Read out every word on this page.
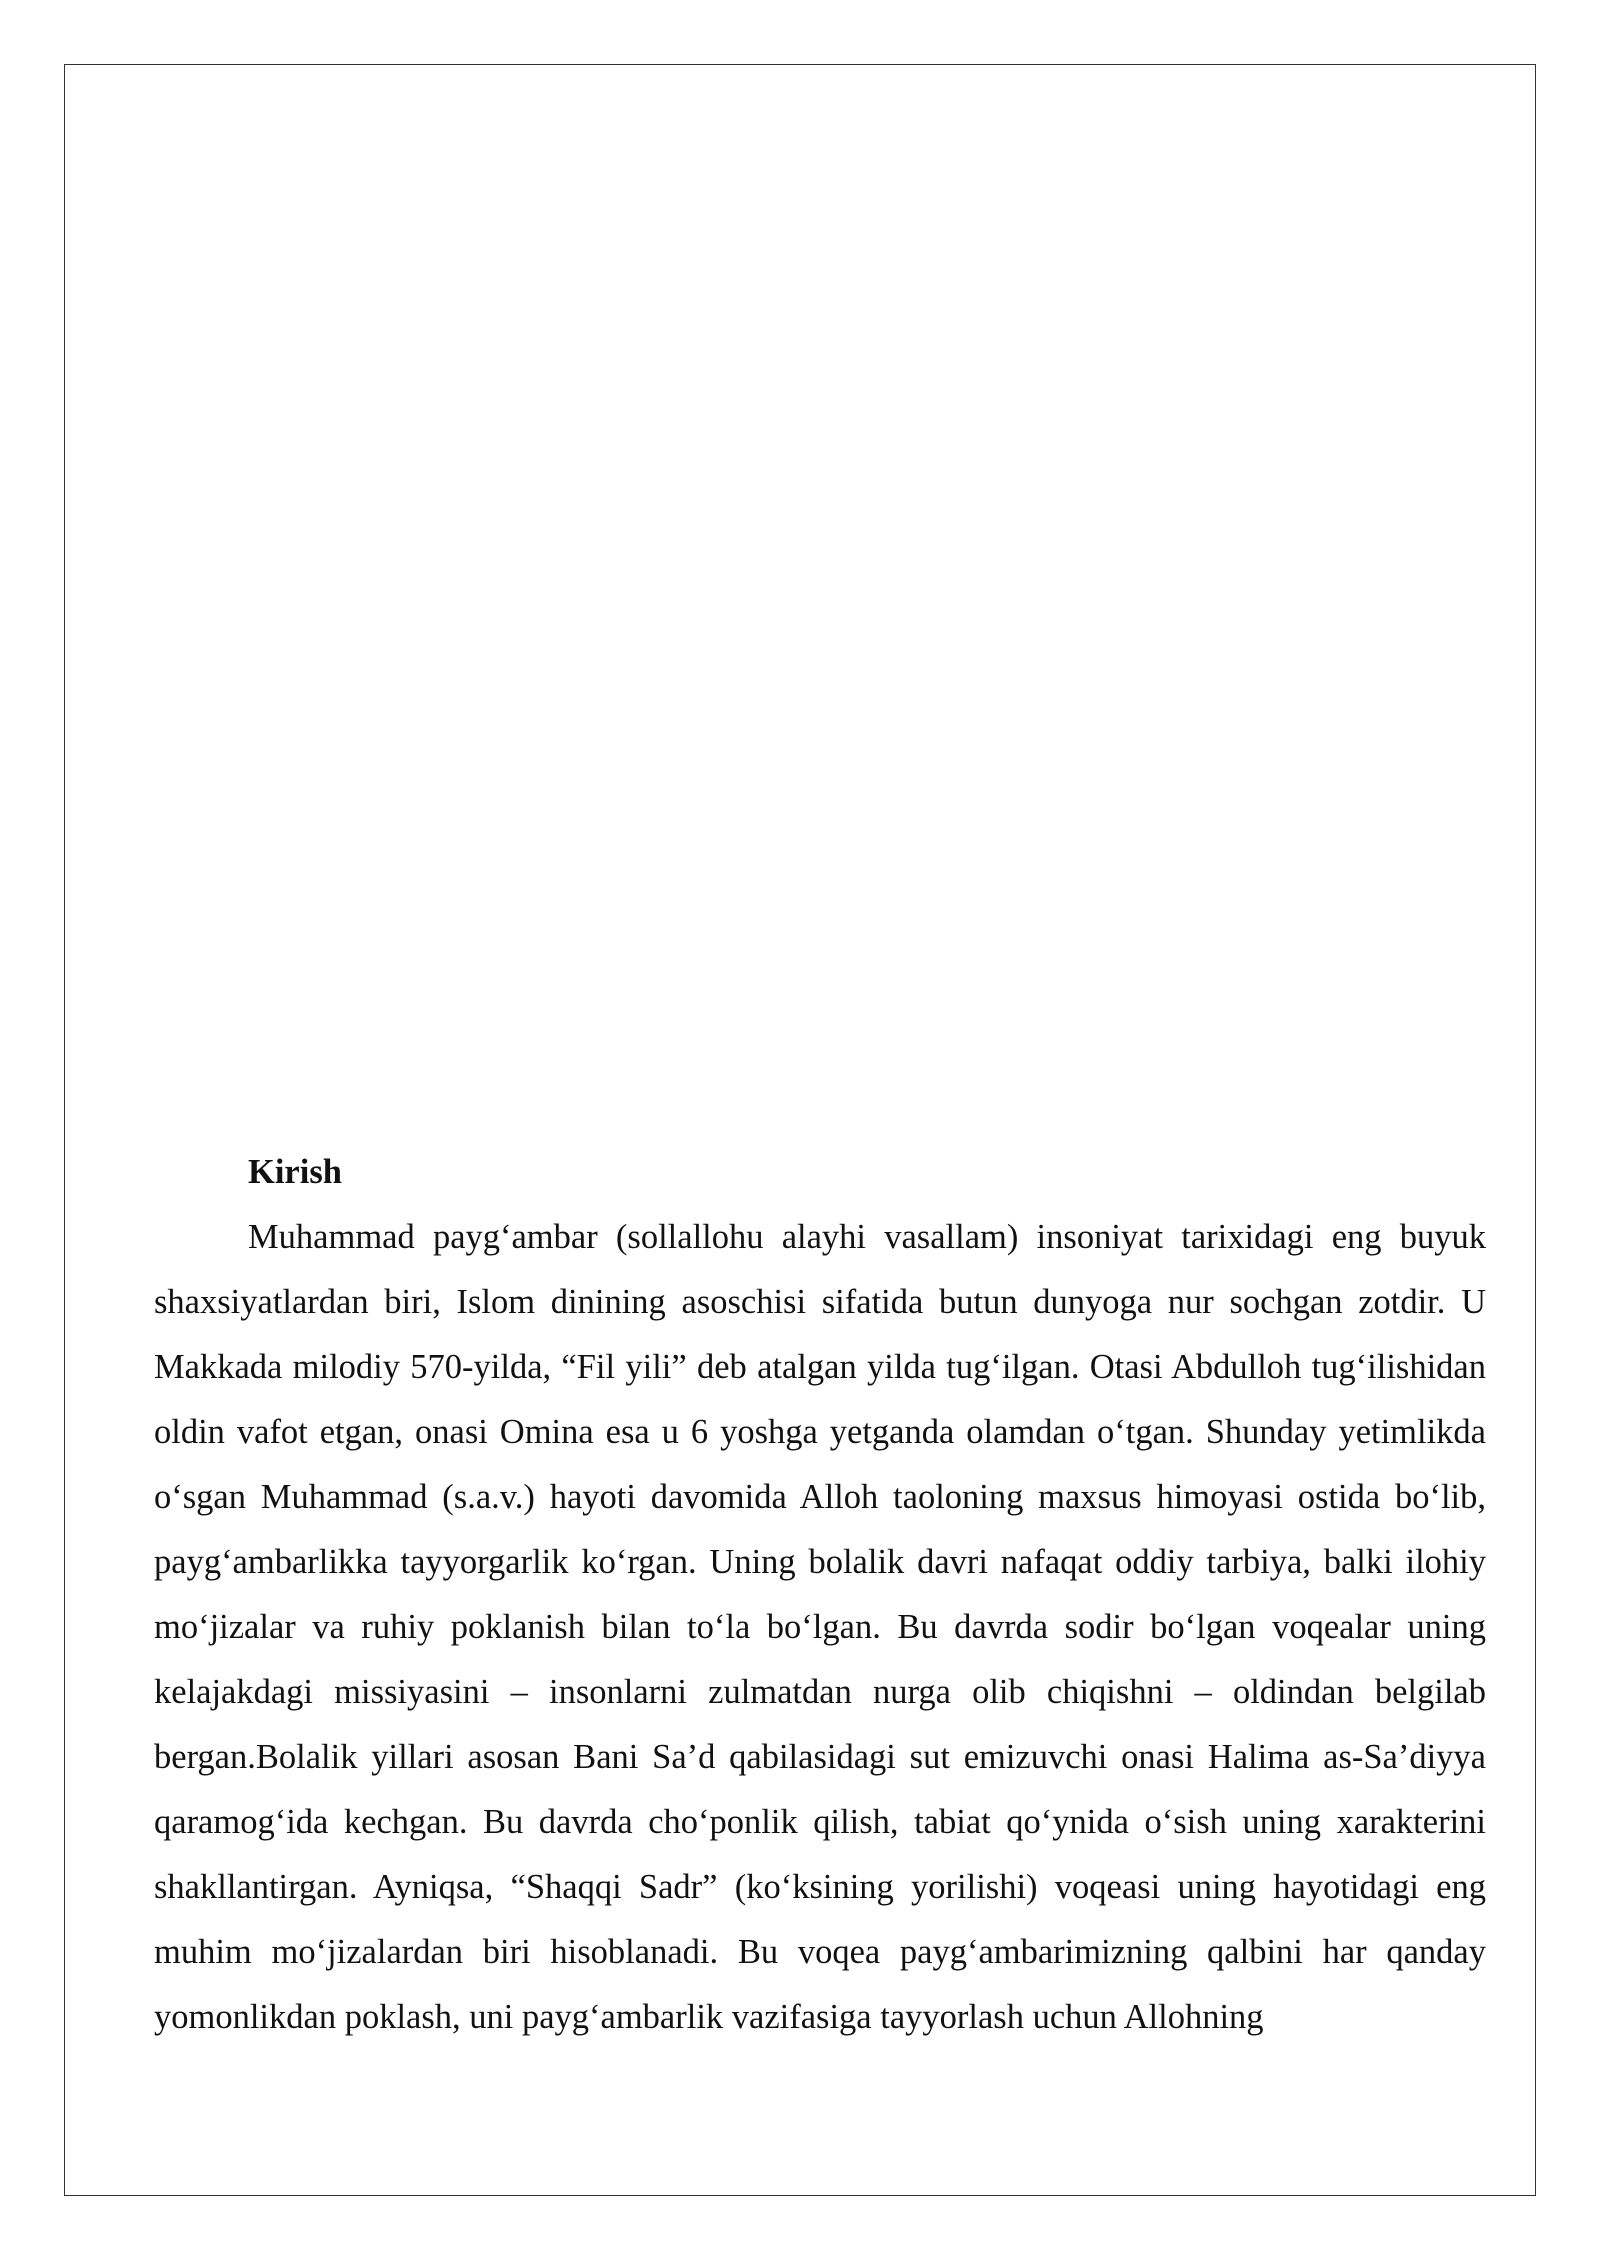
Kirish

Muhammad payg‘ambar (sollallohu alayhi vasallam) insoniyat tarixidagi eng buyuk shaxsiyatlardan biri, Islom dinining asoschisi sifatida butun dunyoga nur sochgan zotdir. U Makkada milodiy 570-yilda, “Fil yili” deb atalgan yilda tug‘ilgan. Otasi Abdulloh tug‘ilishidan oldin vafot etgan, onasi Omina esa u 6 yoshga yetganda olamdan o‘tgan. Shunday yetimlikda o‘sgan Muhammad (s.a.v.) hayoti davomida Alloh taoloning maxsus himoyasi ostida bo‘lib, payg‘ambarlikka tayyorgarlik ko‘rgan. Uning bolalik davri nafaqat oddiy tarbiya, balki ilohiy mo‘jizalar va ruhiy poklanish bilan to‘la bo‘lgan. Bu davrda sodir bo‘lgan voqealar uning kelajakdagi missiyasini – insonlarni zulmatdan nurga olib chiqishni – oldindan belgilab bergan.Bolalik yillari asosan Bani Sa’d qabilasidagi sut emizuvchi onasi Halima as-Sa’diyya qaramog‘ida kechgan. Bu davrda cho‘ponlik qilish, tabiat qo‘ynida o‘sish uning xarakterini shakllantirgan. Ayniqsa, “Shaqqi Sadr” (ko‘ksining yorilishi) voqeasi uning hayotidagi eng muhim mo‘jizalardan biri hisoblanadi. Bu voqea payg‘ambarimizning qalbini har qanday yomonlikdan poklash, uni payg‘ambarlik vazifasiga tayyorlash uchun Allohning
